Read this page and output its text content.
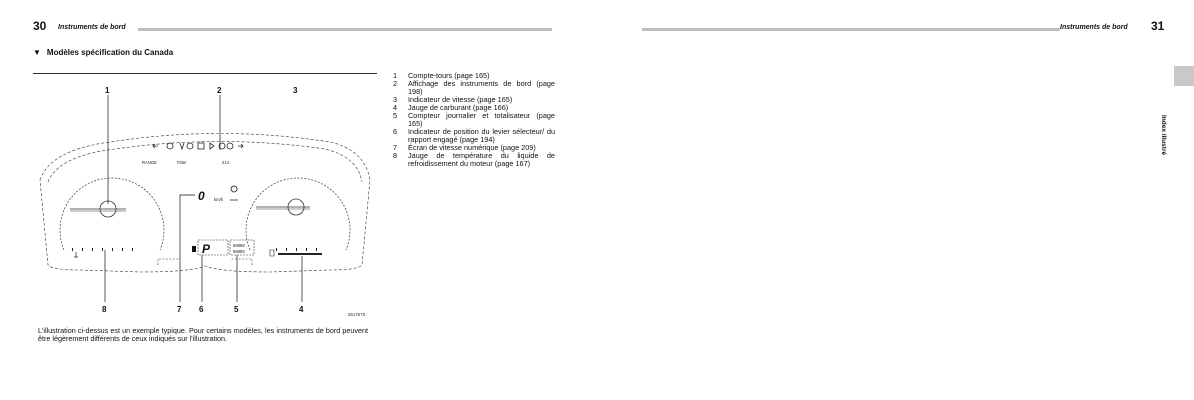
30 Instruments de bord	Instruments de bord 31
Index illustré
▼ Modèles spécification du Canada
RANGE	Fitter	214
0 km/h
P	88888
88888
1	2	3
4
5
6
7
8
Z617S7S
1	Compte-tours (page 165)
2	Affichage des instruments de bord (page 198)
3	Indicateur de vitesse (page 165)
4	Jauge de carburant (page 166)
5	Compteur journalier et totalisateur (page 165)
6	Indicateur de position du levier sélecteur/ du rapport engagé (page 194)
7	Écran de vitesse numérique (page 209)
8	Jauge de température du liquide de refroidissement du moteur (page 167)
L'illustration ci-dessus est un exemple typique. Pour certains modèles, les instruments de bord peuvent être légèrement différents de ceux indiqués sur l'illustration.
